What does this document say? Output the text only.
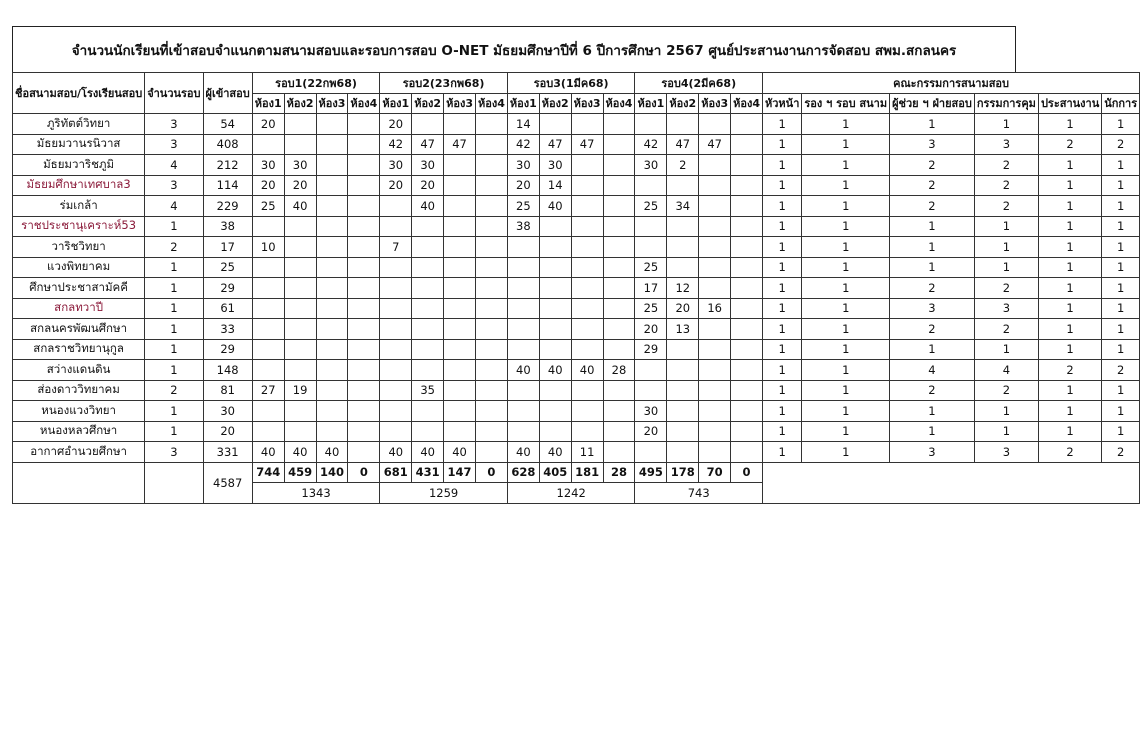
จำนวนนักเรียนที่เข้าสอบจำแนกตามสนามสอบและรอบการสอบ O-NET มัธยมศึกษาปีที่ 6 ปีการศึกษา 2567 ศูนย์ประสานงานการจัดสอบ สพม.สกลนคร
ชื่อสนามสอบ/โรงเรียนสอบ	จำนวนรอบ	ผู้เข้าสอบ	รอบ1(22กพ68)				รอบ2(23กพ68)				รอบ3(1มีค68)				รอบ4(2มีค68)				คณะกรรมการสนามสอบ					
			ห้อง1	ห้อง2	ห้อง3	ห้อง4	ห้อง1	ห้อง2	ห้อง3	ห้อง4	ห้อง1	ห้อง2	ห้อง3	ห้อง4	ห้อง1	ห้อง2	ห้อง3	ห้อง4	หัวหน้า	รอง ฯ รอบ สนาม	ผู้ช่วย ฯ ฝ่ายสอบ	กรรมการคุม	ประสานงาน	นักการ
ภูริทัตต์วิทยา	3	54	20				20				14								1	1	1	1	1	1
มัธยมวานรนิวาส	3	408					42	47	47		42	47	47		42	47	47		1	1	3	3	2	2
มัธยมวาริชภูมิ	4	212	30	30			30	30			30	30			30	2			1	1	2	2	1	1
มัธยมศึกษาเทศบาล3	3	114	20	20			20	20			20	14							1	1	2	2	1	1
ร่มเกล้า	4	229	25	40				40			25	40			25	34			1	1	2	2	1	1
ราชประชานุเคราะห์53	1	38									38								1	1	1	1	1	1
วาริชวิทยา	2	17	10				7												1	1	1	1	1	1
แวงพิทยาคม	1	25													25				1	1	1	1	1	1
ศึกษาประชาสามัคคี	1	29													17	12			1	1	2	2	1	1
สกลทวาปี	1	61													25	20	16		1	1	3	3	1	1
สกลนครพัฒนศึกษา	1	33													20	13			1	1	2	2	1	1
สกลราชวิทยานุกูล	1	29													29				1	1	1	1	1	1
สว่างแดนดิน	1	148									40	40	40	28					1	1	4	4	2	2
ส่องดาววิทยาคม	2	81	27	19				35											1	1	2	2	1	1
หนองแวงวิทยา	1	30													30				1	1	1	1	1	1
หนองหลวศึกษา	1	20													20				1	1	1	1	1	1
อากาศอำนวยศึกษา	3	331	40	40	40		40	40	40		40	40	11						1	1	3	3	2	2
		4587	744	459	140	0	681	431	147	0	628	405	181	28	495	178	70	0						
			1343				1259				1242				743									
